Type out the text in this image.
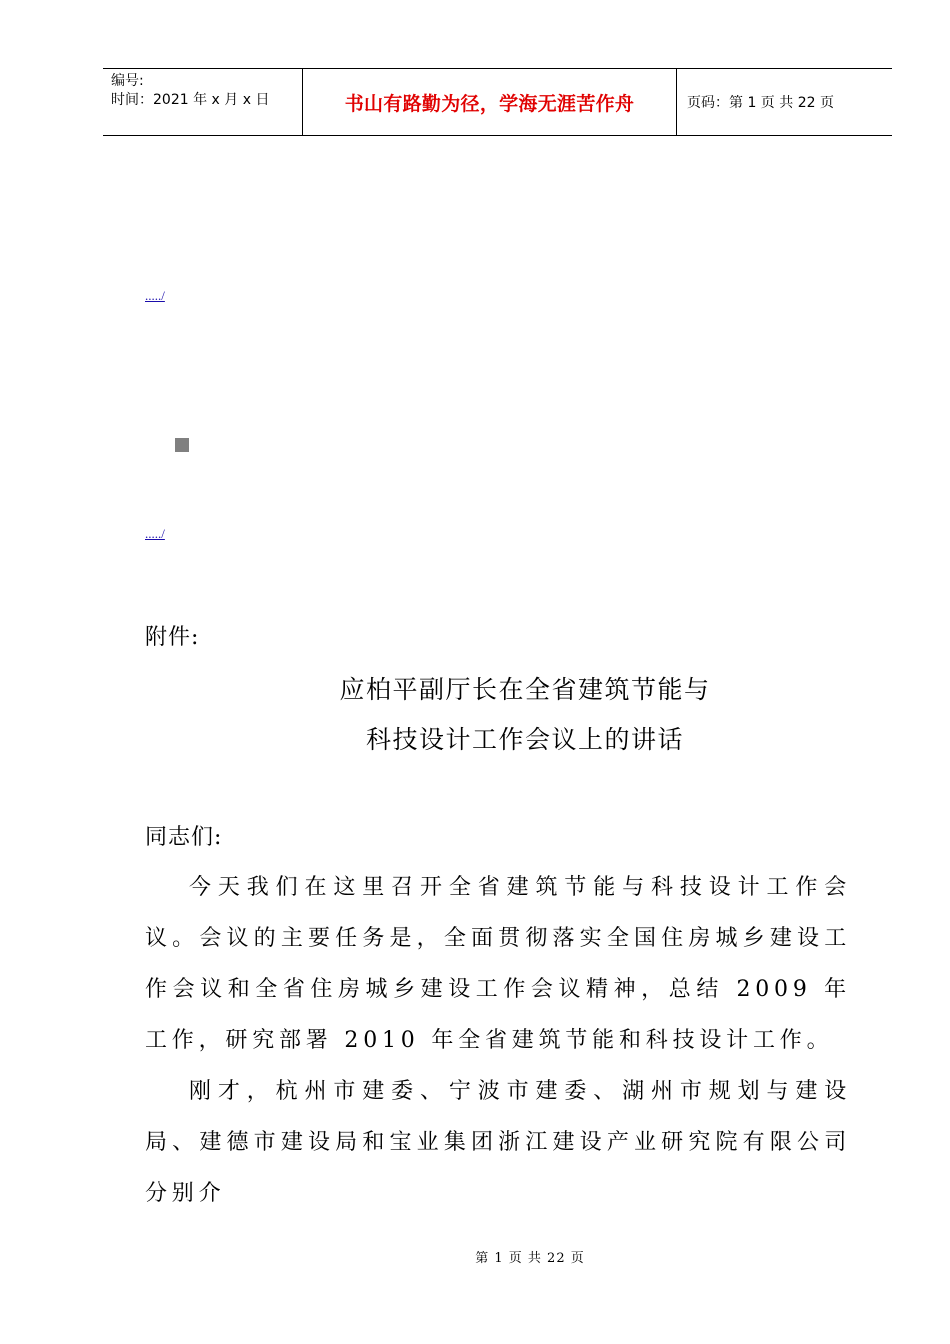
编号:
时间：2021 年 x 月 x 日	书山有路勤为径，学海无涯苦作舟	页码：第 1 页 共 22 页
...../
...../
附件:
应柏平副厅长在全省建筑节能与
科技设计工作会议上的讲话
同志们:

今天我们在这里召开全省建筑节能与科技设计工作会议。会议的主要任务是，全面贯彻落实全国住房城乡建设工作会议和全省住房城乡建设工作会议精神，总结 2009 年工作，研究部署 2010 年全省建筑节能和科技设计工作。

刚才，杭州市建委、宁波市建委、湖州市规划与建设局、建德市建设局和宝业集团浙江建设产业研究院有限公司分别介

第 1 页 共 22 页
